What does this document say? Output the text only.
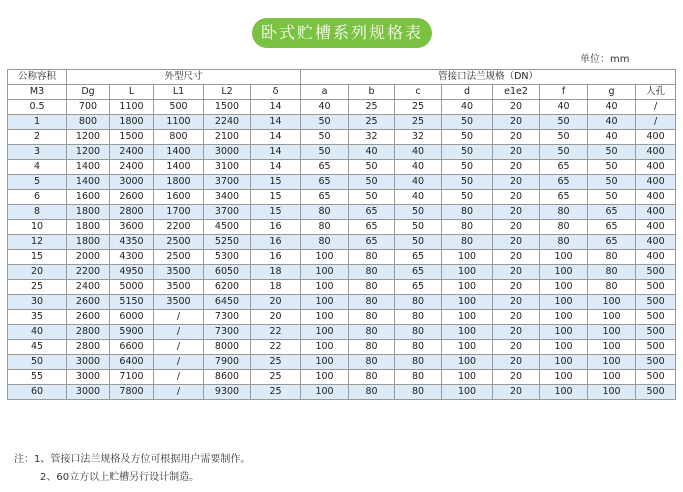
卧式贮槽系列规格表
单位：mm
公称容积	外型尺寸					管接口法兰规格（DN）							
M3	Dg	L	L1	L2	δ	a	b	c	d	e1e2	f	g	人孔
0.5	700	1100	500	1500	14	40	25	25	40	20	40	40	/
1	800	1800	1100	2240	14	50	25	25	50	20	50	40	/
2	1200	1500	800	2100	14	50	32	32	50	20	50	40	400
3	1200	2400	1400	3000	14	50	40	40	50	20	50	50	400
4	1400	2400	1400	3100	14	65	50	40	50	20	65	50	400
5	1400	3000	1800	3700	15	65	50	40	50	20	65	50	400
6	1600	2600	1600	3400	15	65	50	40	50	20	65	50	400
8	1800	2800	1700	3700	15	80	65	50	80	20	80	65	400
10	1800	3600	2200	4500	16	80	65	50	80	20	80	65	400
12	1800	4350	2500	5250	16	80	65	50	80	20	80	65	400
15	2000	4300	2500	5300	16	100	80	65	100	20	100	80	400
20	2200	4950	3500	6050	18	100	80	65	100	20	100	80	500
25	2400	5000	3500	6200	18	100	80	65	100	20	100	80	500
30	2600	5150	3500	6450	20	100	80	80	100	20	100	100	500
35	2600	6000	/	7300	20	100	80	80	100	20	100	100	500
40	2800	5900	/	7300	22	100	80	80	100	20	100	100	500
45	2800	6600	/	8000	22	100	80	80	100	20	100	100	500
50	3000	6400	/	7900	25	100	80	80	100	20	100	100	500
55	3000	7100	/	8600	25	100	80	80	100	20	100	100	500
60	3000	7800	/	9300	25	100	80	80	100	20	100	100	500
注：1、管接口法兰规格及方位可根据用户需要制作。
2、60立方以上贮槽另行设计制造。
